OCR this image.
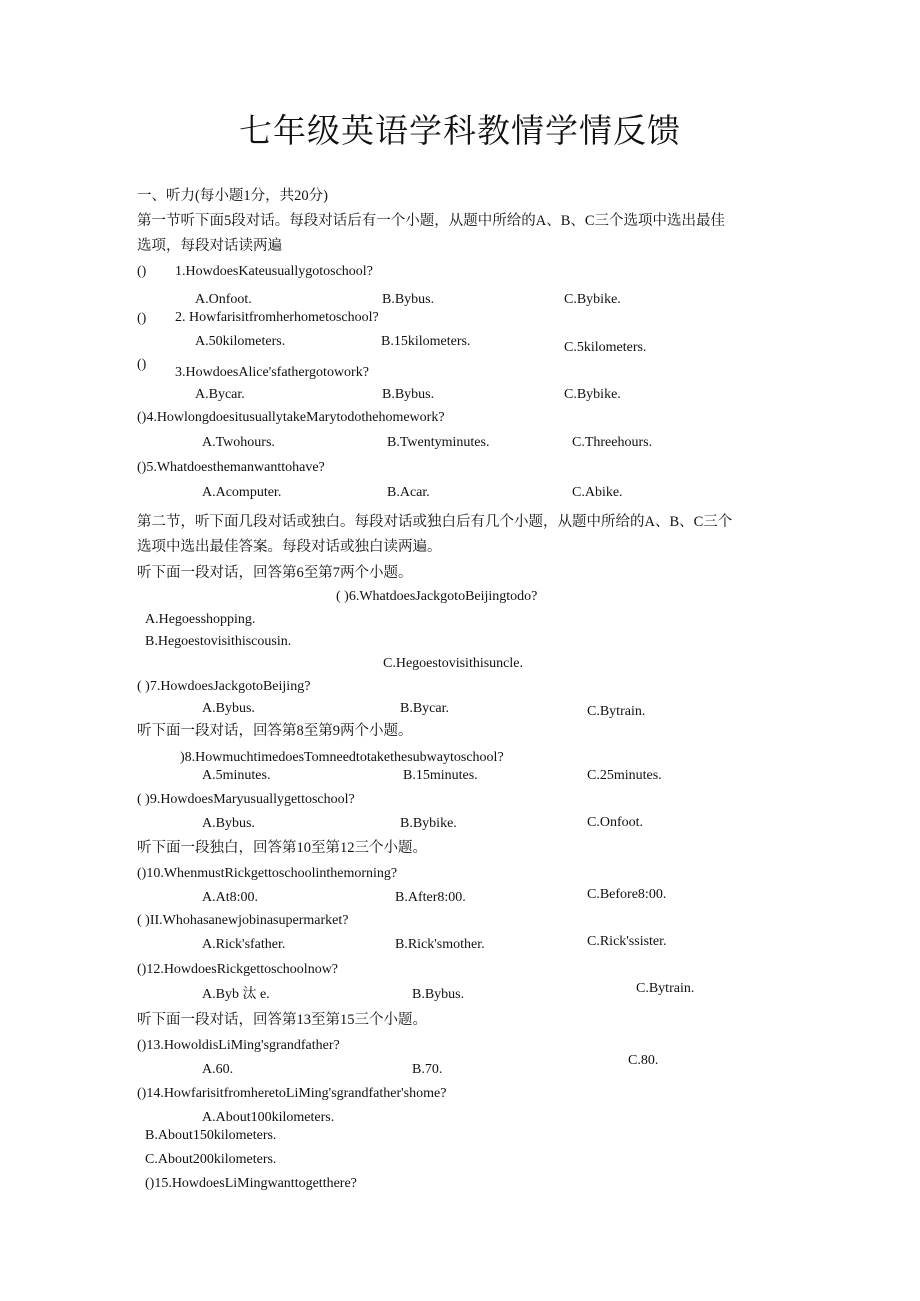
七年级英语学科教情学情反馈
一、听力(每小题1分，共20分)
第一节听下面5段对话。每段对话后有一个小题，从题中所给的A、B、C三个选项中选出最佳
选项，每段对话读两遍
() 1.HowdoesKateusuallygotoschool?
A.Onfoot.	B.Bybus.	C.Bybike.
() 2. Howfarisitfromherhometoschool?
A.50kilometers.	B.15kilometers.	C.5kilometers.
()
3.HowdoesAlice'sfathergotowork?
A.Bycar.	B.Bybus.	C.Bybike.
()4.HowlongdoesitusuallytakeMarytodothehomework?
A.Twohours.	B.Twentyminutes.	C.Threehours.
()5.Whatdoesthemanwanttohave?
A.Acomputer.	B.Acar.	C.Abike.
第二节，听下面几段对话或独白。每段对话或独白后有几个小题，从题中所给的A、B、C三个
选项中选出最佳答案。每段对话或独白读两遍。
听下面一段对话，回答第6至第7两个小题。
( )6.WhatdoesJackgotoBeijingtodo?
A.Hegoesshopping.
B.Hegoestovisithiscousin.
C.Hegoestovisithisuncle.
( )7.HowdoesJackgotoBeijing?
A.Bybus.	B.Bycar.	C.Bytrain.
听下面一段对话，回答第8至第9两个小题。
)8.HowmuchtimedoesTomneedtotakethesubwaytoschool?
A.5minutes.	B.15minutes.	C.25minutes.
( )9.HowdoesMaryusuallygettoschool?
A.Bybus.	B.Bybike.	C.Onfoot.
听下面一段独白，回答第10至第12三个小题。
()10.WhenmustRickgettoschoolinthemorning?
A.At8:00.	B.After8:00.	C.Before8:00.
( )II.Whohasanewjobinasupermarket?
A.Rick'sfather.	B.Rick'smother.	C.Rick'ssister.
()12.HowdoesRickgettoschoolnow?
A.Byb 汰 e.	B.Bybus.	C.Bytrain.
听下面一段对话，回答第13至第15三个小题。
()13.HowoldisLiMing'sgrandfather?
A.60.	B.70.
C.80.
()14.HowfarisitfromheretoLiMing'sgrandfather'shome?
A.About100kilometers.
B.About150kilometers.
C.About200kilometers.
()15.HowdoesLiMingwanttogetthere?
